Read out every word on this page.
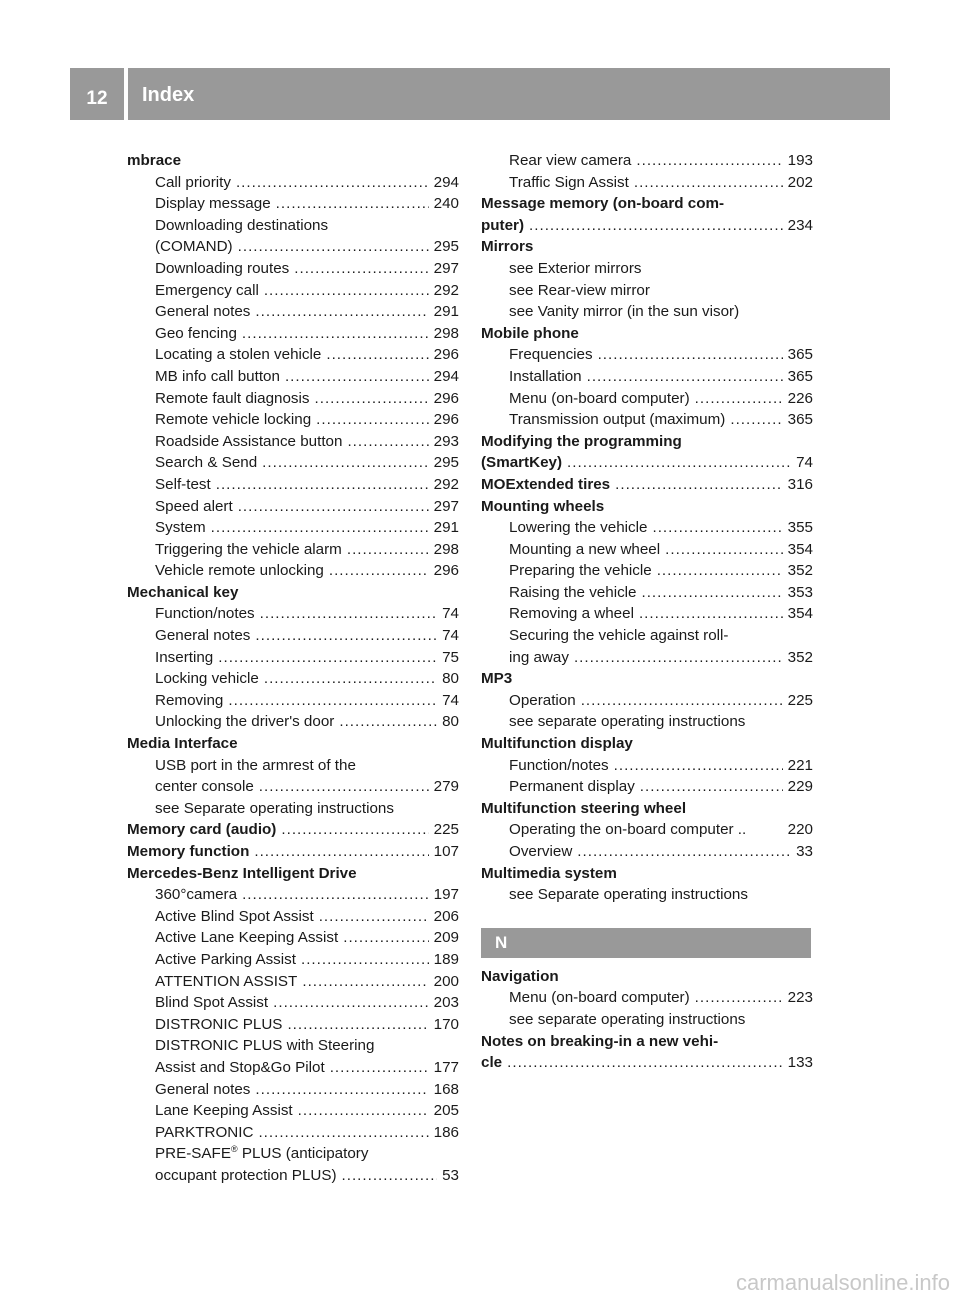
12	Index
mbrace
Call priority .....	294
Display message .....	240
Downloading destinations
(COMAND) .....	295
Downloading routes .....	297
Emergency call .....	292
General notes .....	291
Geo fencing .....	298
Locating a stolen vehicle .....	296
MB info call button .....	294
Remote fault diagnosis .....	296
Remote vehicle locking .....	296
Roadside Assistance button .....	293
Search & Send .....	295
Self-test .....	292
Speed alert .....	297
System .....	291
Triggering the vehicle alarm .....	298
Vehicle remote unlocking .....	296
Mechanical key
Function/notes .....	74
General notes .....	74
Inserting .....	75
Locking vehicle .....	80
Removing .....	74
Unlocking the driver's door .....	80
Media Interface
USB port in the armrest of the
center console .....	279
see Separate operating instructions
Memory card (audio) .....	225
Memory function .....	107
Mercedes-Benz Intelligent Drive
360°camera .....	197
Active Blind Spot Assist .....	206
Active Lane Keeping Assist .....	209
Active Parking Assist .....	189
ATTENTION ASSIST .....	200
Blind Spot Assist .....	203
DISTRONIC PLUS .....	170
DISTRONIC PLUS with Steering
Assist and Stop&Go Pilot .....	177
General notes .....	168
Lane Keeping Assist .....	205
PARKTRONIC .....	186
PRE-SAFE® PLUS (anticipatory
occupant protection PLUS) .....	53
Rear view camera .....	193
Traffic Sign Assist .....	202
Message memory (on-board com-
puter) .....	234
Mirrors
see Exterior mirrors
see Rear-view mirror
see Vanity mirror (in the sun visor)
Mobile phone
Frequencies .....	365
Installation .....	365
Menu (on-board computer) .....	226
Transmission output (maximum) .....	365
Modifying the programming
(SmartKey) .....	74
MOExtended tires .....	316
Mounting wheels
Lowering the vehicle .....	355
Mounting a new wheel .....	354
Preparing the vehicle .....	352
Raising the vehicle .....	353
Removing a wheel .....	354
Securing the vehicle against roll-
ing away .....	352
MP3
Operation .....	225
see separate operating instructions
Multifunction display
Function/notes .....	221
Permanent display .....	229
Multifunction steering wheel
Operating the on-board computer ..	220
Overview .....	33
Multimedia system
see Separate operating instructions
N
Navigation
Menu (on-board computer) .....	223
see separate operating instructions
Notes on breaking-in a new vehi-
cle .....	133
carmanualsonline.info
